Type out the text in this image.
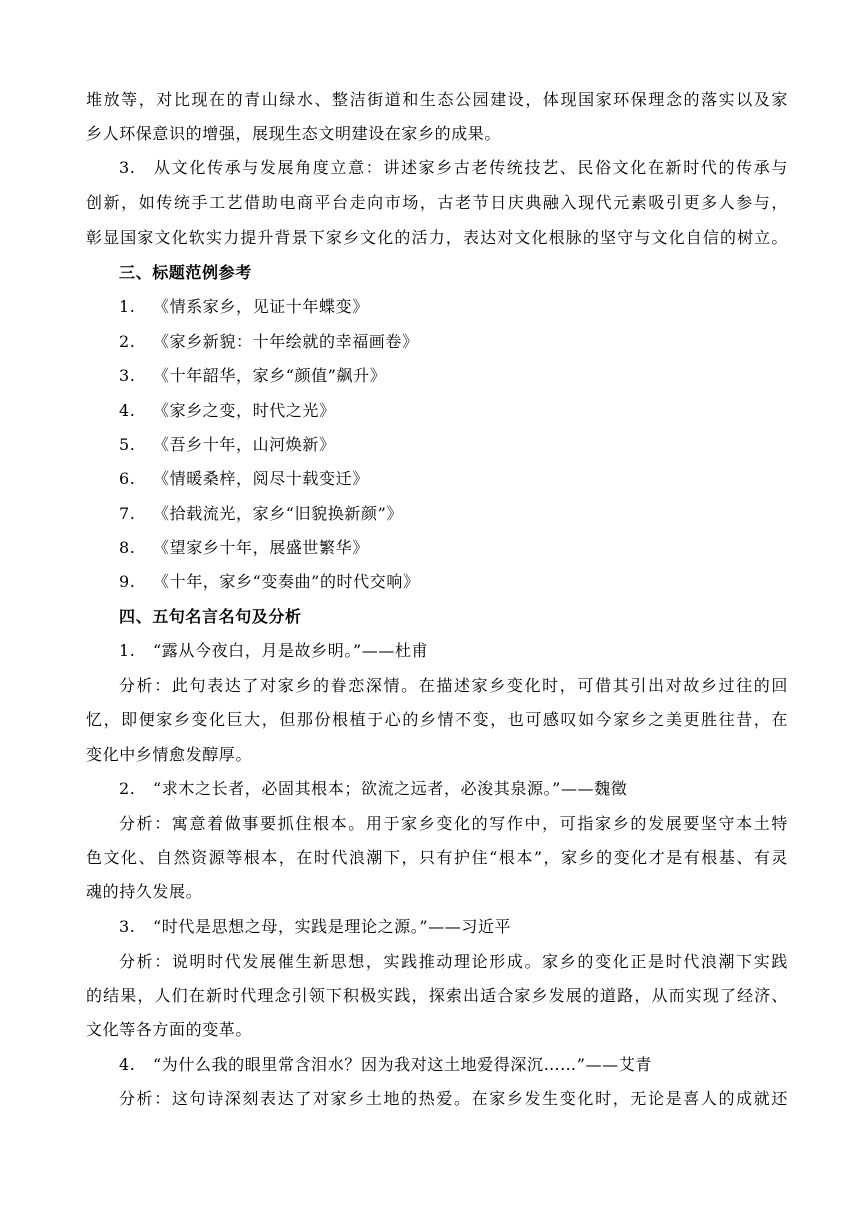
堆放等，对比现在的青山绿水、整洁街道和生态公园建设，体现国家环保理念的落实以及家
乡人环保意识的增强，展现生态文明建设在家乡的成果。
3. 从文化传承与发展角度立意：讲述家乡古老传统技艺、民俗文化在新时代的传承与
创新，如传统手工艺借助电商平台走向市场，古老节日庆典融入现代元素吸引更多人参与，
彰显国家文化软实力提升背景下家乡文化的活力，表达对文化根脉的坚守与文化自信的树立。
三、标题范例参考
1. 《情系家乡，见证十年蝶变》
2. 《家乡新貌：十年绘就的幸福画卷》
3. 《十年韶华，家乡“颜值”飙升》
4. 《家乡之变，时代之光》
5. 《吾乡十年，山河焕新》
6. 《情暖桑梓，阅尽十载变迁》
7. 《拾载流光，家乡“旧貌换新颜”》
8. 《望家乡十年，展盛世繁华》
9. 《十年，家乡“变奏曲”的时代交响》
四、五句名言名句及分析
1. “露从今夜白，月是故乡明。”——杜甫
分析：此句表达了对家乡的眷恋深情。在描述家乡变化时，可借其引出对故乡过往的回
忆，即便家乡变化巨大，但那份根植于心的乡情不变，也可感叹如今家乡之美更胜往昔，在
变化中乡情愈发醇厚。
2. “求木之长者，必固其根本；欲流之远者，必浚其泉源。”——魏徵
分析：寓意着做事要抓住根本。用于家乡变化的写作中，可指家乡的发展要坚守本土特
色文化、自然资源等根本，在时代浪潮下，只有护住“根本”，家乡的变化才是有根基、有灵
魂的持久发展。
3. “时代是思想之母，实践是理论之源。”——习近平
分析：说明时代发展催生新思想，实践推动理论形成。家乡的变化正是时代浪潮下实践
的结果，人们在新时代理念引领下积极实践，探索出适合家乡发展的道路，从而实现了经济、
文化等各方面的变革。
4. “为什么我的眼里常含泪水？因为我对这土地爱得深沉……”——艾青
分析：这句诗深刻表达了对家乡土地的热爱。在家乡发生变化时，无论是喜人的成就还
